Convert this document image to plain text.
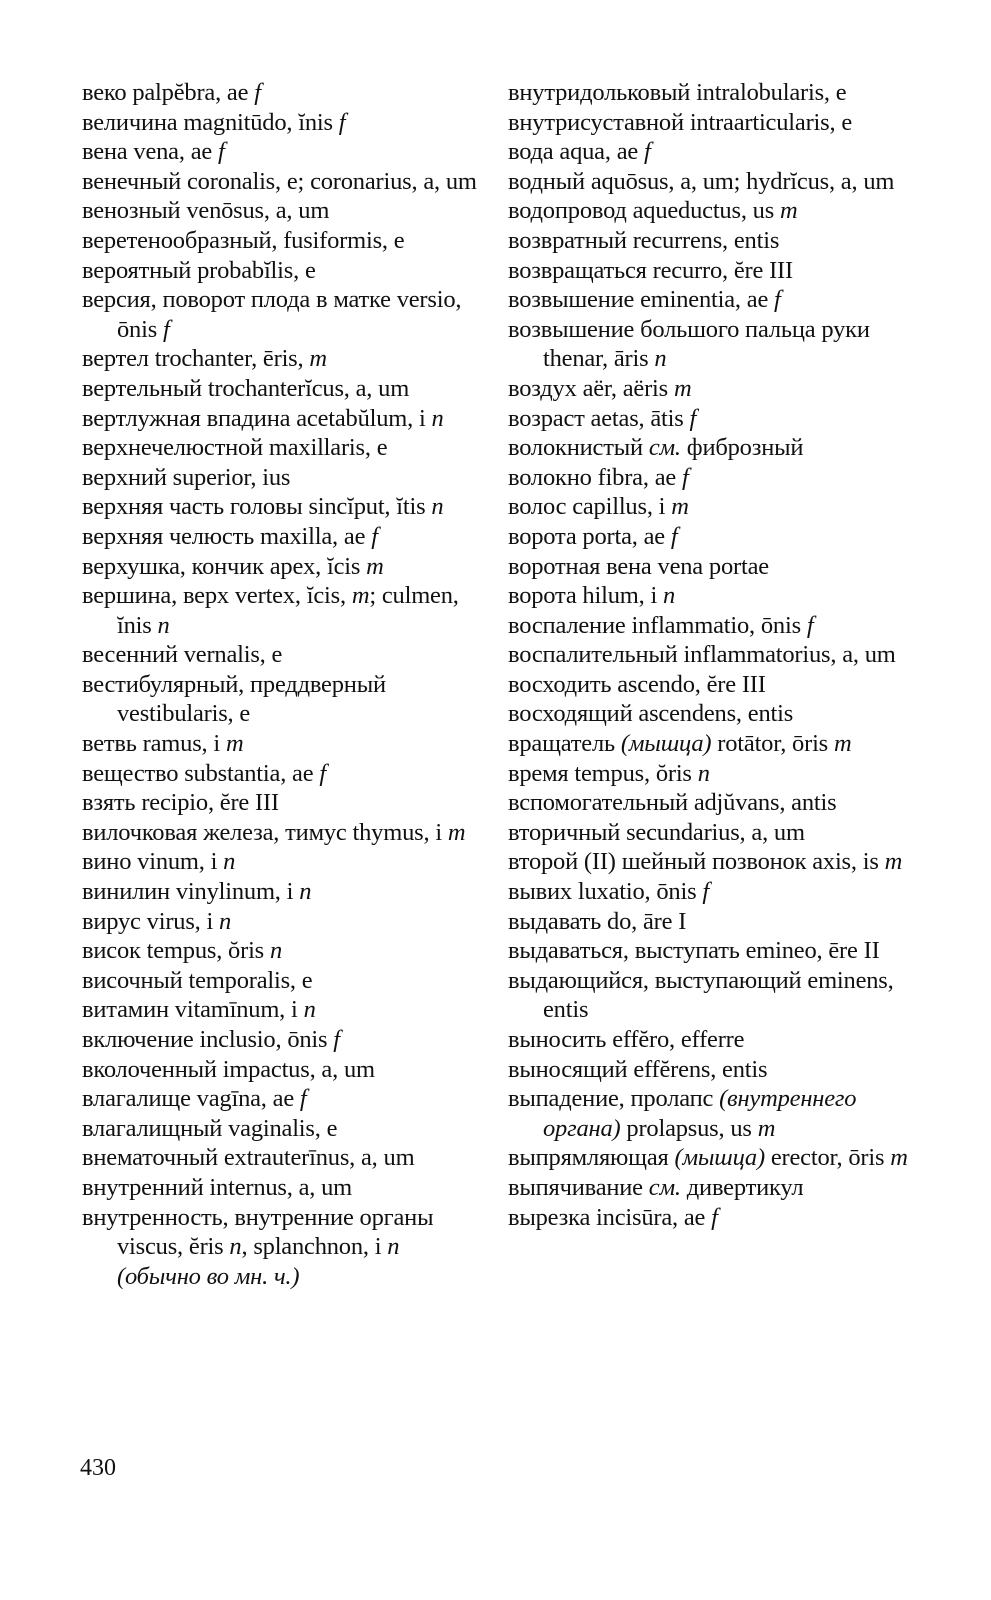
веко palpĕbra, ae f
величина magnitūdo, ĭnis f
вена vena, ae f
венечный coronalis, e; coronarius, a, um
венозный venōsus, a, um
веретенообразный, fusiformis, e
вероятный probabĭlis, e
версия, поворот плода в матке versio, ōnis f
вертел trochanter, ēris, m
вертельный trochanterĭcus, a, um
вертлужная впадина acetabŭlum, i n
верхнечелюстной maxillaris, e
верхний superior, ius
верхняя часть головы sincĭput, ĭtis n
верхняя челюсть maxilla, ae f
верхушка, кончик apex, ĭcis m
вершина, верх vertex, ĭcis, m; culmen, ĭnis n
весенний vernalis, e
вестибулярный, преддверный vestibularis, e
ветвь ramus, i m
вещество substantia, ae f
взять recipio, ĕre III
вилочковая железа, тимус thymus, i m
вино vinum, i n
винилин vinylinum, i n
вирус virus, i n
висок tempus, ŏris n
височный temporalis, e
витамин vitamīnum, i n
включение inclusio, ōnis f
вколоченный impactus, a, um
влагалище vagīna, ae f
влагалищный vaginalis, e
внематочный extrauterīnus, a, um
внутренний internus, a, um
внутренность, внутренние органы viscus, ĕris n, splanchnon, i n (обычно во мн. ч.)
внутридольковый intralobularis, e
внутрисуставной intraarticularis, e
вода aqua, ae f
водный aquōsus, a, um; hydrĭcus, a, um
водопровод aqueductus, us m
возвратный recurrens, entis
возвращаться recurro, ĕre III
возвышение eminentia, ae f
возвышение большого пальца руки thenar, āris n
воздух aër, aëris m
возраст aetas, ātis f
волокнистый см. фиброзный
волокно fibra, ae f
волос capillus, i m
ворота porta, ae f
воротная вена vena portae
ворота hilum, i n
воспаление inflammatio, ōnis f
воспалительный inflammatorius, a, um
восходить ascendo, ĕre III
восходящий ascendens, entis
вращатель (мышца) rotātor, ōris m
время tempus, ŏris n
вспомогательный adjŭvans, antis
вторичный secundarius, a, um
второй (II) шейный позвонок axis, is m
вывих luxatio, ōnis f
выдавать do, āre I
выдаваться, выступать emineo, ēre II
выдающийся, выступающий eminens, entis
выносить effĕro, efferre
выносящий effĕrens, entis
выпадение, пролапс (внутреннего органа) prolapsus, us m
выпрямляющая (мышца) erector, ōris m
выпячивание см. дивертикул
вырезка incisūra, ae f
430
